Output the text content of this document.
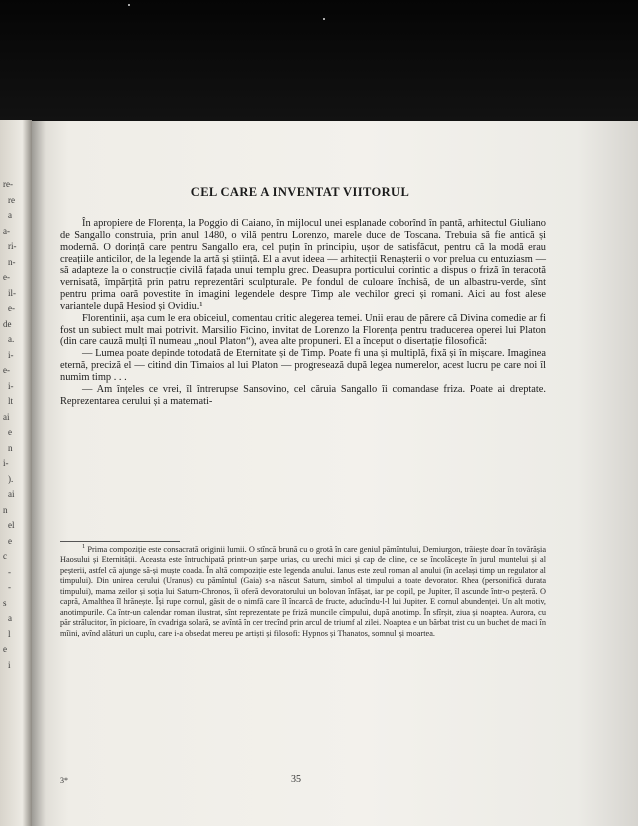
re-
re
a
a-
ri-
n-
e-
il-
e-
de
a.
i-
e-
i-
lt
ai
e
n
i-
).
ai
n
el
e
c
-
-
s
a
l
e
i
CEL CARE A INVENTAT VIITORUL

În apropiere de Florența, la Poggio di Caiano, în mijlocul unei esplanade coborînd în pantă, arhitectul Giuliano de Sangallo construia, prin anul 1480, o vilă pentru Lorenzo, marele duce de Toscana. Trebuia să fie antică și modernă. O dorință care pentru Sangallo era, cel puțin în principiu, ușor de satisfăcut, pentru că la modă erau creațiile anticilor, de la legende la artă și știință. El a avut ideea — arhitecții Renașterii o vor prelua cu entuziasm — să adapteze la o construcție civilă fațada unui templu grec. Deasupra porticului corintic a dispus o friză în teracotă vernisată, împărțită prin patru reprezentări sculpturale. Pe fondul de culoare închisă, de un albastru-verde, sînt pentru prima oară povestite în imagini legendele despre Timp ale vechilor greci și romani. Aici au fost alese variantele după Hesiod și Ovidiu.¹

Florentinii, așa cum le era obiceiul, comentau critic alegerea temei. Unii erau de părere că Divina comedie ar fi fost un subiect mult mai potrivit. Marsilio Ficino, invitat de Lorenzo la Florența pentru traducerea operei lui Platon (din care cauză mulți îl numeau „noul Platon“), avea alte propuneri. El a început o disertație filosofică:

— Lumea poate depinde totodată de Eternitate și de Timp. Poate fi una și multiplă, fixă și în mișcare. Imaginea eternă, preciză el — citind din Timaios al lui Platon — progresează după legea numerelor, acest lucru pe care noi îl numim timp . . .

— Am înțeles ce vrei, îl întrerupse Sansovino, cel căruia Sangallo îi comandase friza. Poate ai dreptate. Reprezentarea cerului și a matemati-

$^1$ Prima compoziție este consacrată originii lumii. O stîncă brună cu o grotă în care geniul pămîntului, Demiurgon, trăiește doar în tovărășia Haosului și Eternității. Aceasta este întruchipată printr-un șarpe urias, cu urechi mici și cap de cline, ce se încolăceşte în jurul muntelui și al peșterii, astfel că ajunge să-și muște coada. În altă compoziție este legenda anului. Ianus este zeul roman al anului (în același timp un regulator al timpului). Din unirea cerului (Uranus) cu pămîntul (Gaia) s-a născut Saturn, simbol al timpului a toate devorator. Rhea (personificã durata timpului), mama zeilor și soția lui Saturn-Chronos, îi oferă devoratorului un bolovan înfășat, iar pe copil, pe Jupiter, îl ascunde într-o peșteră. O capră, Amalthea îl hrănește. Își rupe cornul, găsit de o nimfă care îl încarcă de fructe, aducîndu-l-l lui Jupiter. E cornul abundenței. Un alt motiv, anotimpurile. Ca într-un calendar roman ilustrat, sînt reprezentate pe friză muncile cîmpului, după anotimp. În sfîrșit, ziua și noaptea. Aurora, cu păr strălucitor, în picioare, în cvadriga solară, se avîntă în cer trecînd prin arcul de triumf al zilei. Noaptea e un bărbat trist cu un buchet de maci în mîini, avînd alături un cuplu, care i-a obsedat mereu pe artiști și filosofi: Hypnos și Thanatos, somnul și moartea.

3*	35
